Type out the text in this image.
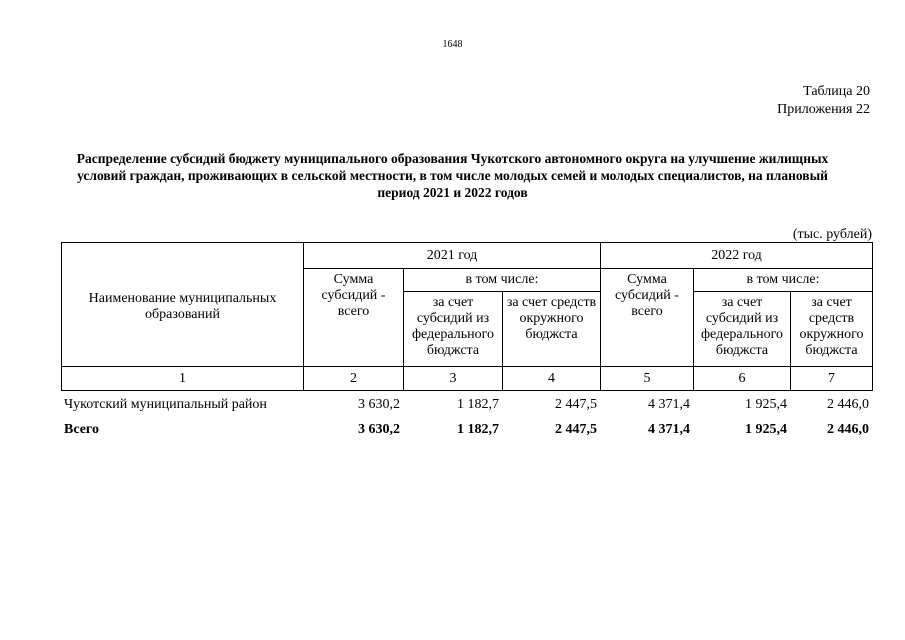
1648
Таблица 20
Приложения 22
Распределение субсидий бюджету муниципального образования Чукотского автономного округа на улучшение жилищных условий граждан, проживающих в сельской местности, в том числе молодых семей и молодых специалистов, на плановый период 2021 и 2022 годов
(тыс. рублей)
Наименование муниципальных образований	2021 год			2022 год		
	Сумма субсидий - всего	в том числе:		Сумма субсидий - всего	в том числе:	
		за счет субсидий из федерального бюджста	за счет средств окружного бюджста		за счет субсидий из федерального бюджста	за счет средств окружного бюджста
1	2	3	4	5	6	7
Чукотский муниципальный район	3 630,2	1 182,7	2 447,5	4 371,4	1 925,4	2 446,0
Всего	3 630,2	1 182,7	2 447,5	4 371,4	1 925,4	2 446,0
